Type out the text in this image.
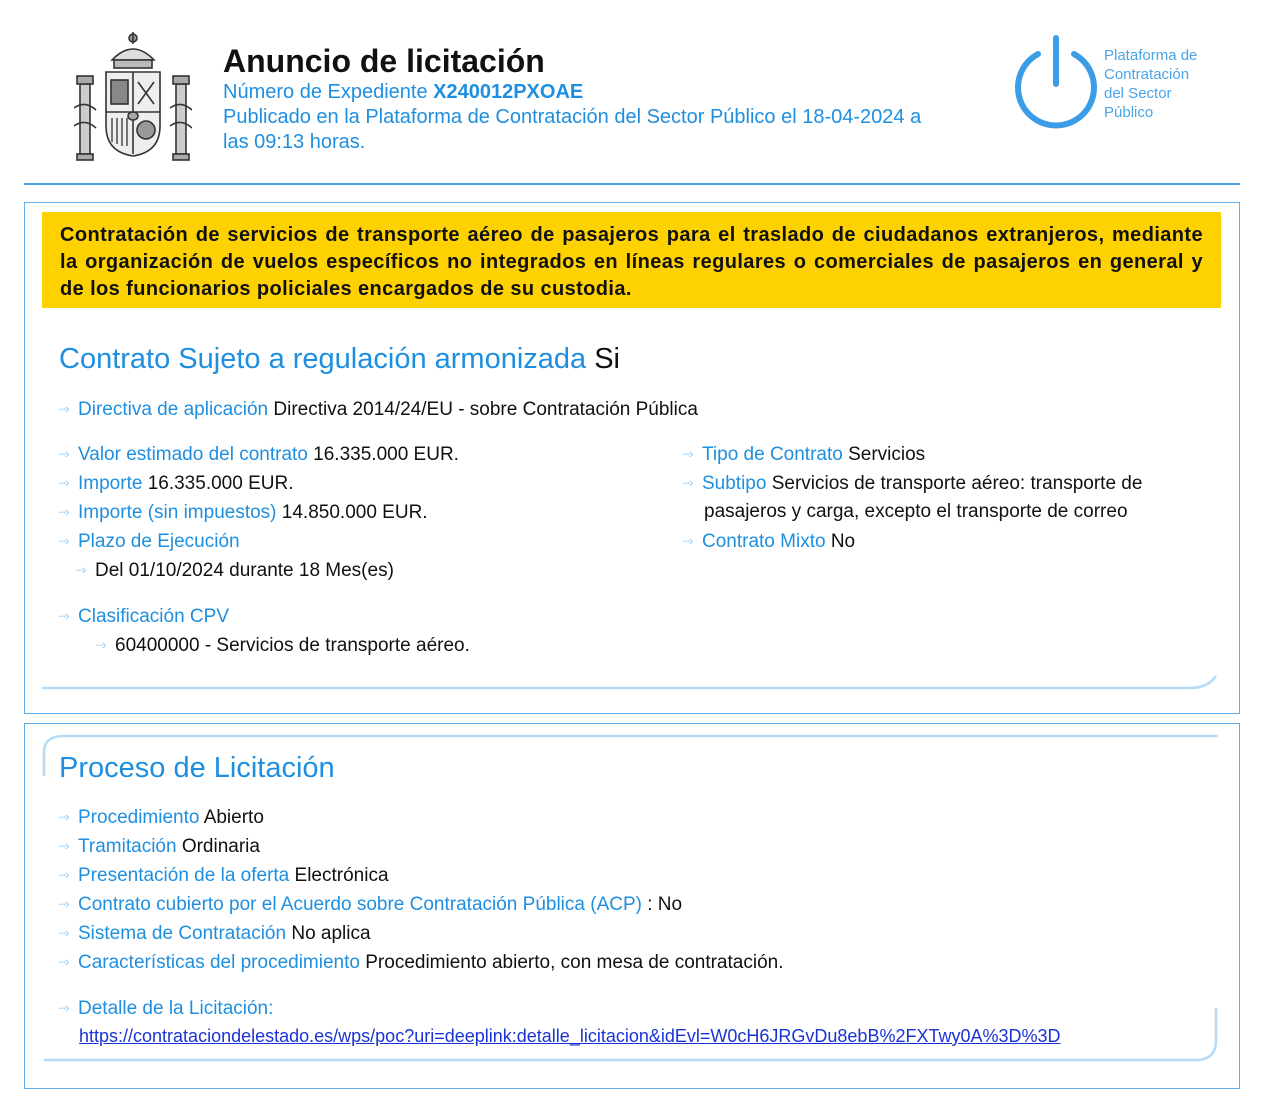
Anuncio de licitación
Número de Expediente X240012PXOAE
Publicado en la Plataforma de Contratación del Sector Público el 18-04-2024 a
las 09:13 horas.
Plataforma de
Contratación
del Sector
Público
Contratación de servicios de transporte aéreo de pasajeros para el traslado de ciudadanos extranjeros, mediante la organización de vuelos específicos no integrados en líneas regulares o comerciales de pasajeros en general y de los funcionarios policiales encargados de su custodia.
Contrato Sujeto a regulación armonizada Si
···› Directiva de aplicación Directiva 2014/24/EU - sobre Contratación Pública
···› Valor estimado del contrato 16.335.000 EUR.
···› Importe 16.335.000 EUR.
···› Importe (sin impuestos) 14.850.000 EUR.
···› Plazo de Ejecución
···› Del 01/10/2024 durante 18 Mes(es)
···› Tipo de Contrato Servicios
···› Subtipo Servicios de transporte aéreo: transporte de
pasajeros y carga, excepto el transporte de correo
···› Contrato Mixto No
···› Clasificación CPV
···› 60400000 - Servicios de transporte aéreo.
Proceso de Licitación
···› Procedimiento Abierto
···› Tramitación Ordinaria
···› Presentación de la oferta Electrónica
···› Contrato cubierto por el Acuerdo sobre Contratación Pública (ACP) : No
···› Sistema de Contratación No aplica
···› Características del procedimiento Procedimiento abierto, con mesa de contratación.
···› Detalle de la Licitación:
https://contrataciondelestado.es/wps/poc?uri=deeplink:detalle_licitacion&idEvl=W0cH6JRGvDu8ebB%2FXTwy0A%3D%3D
